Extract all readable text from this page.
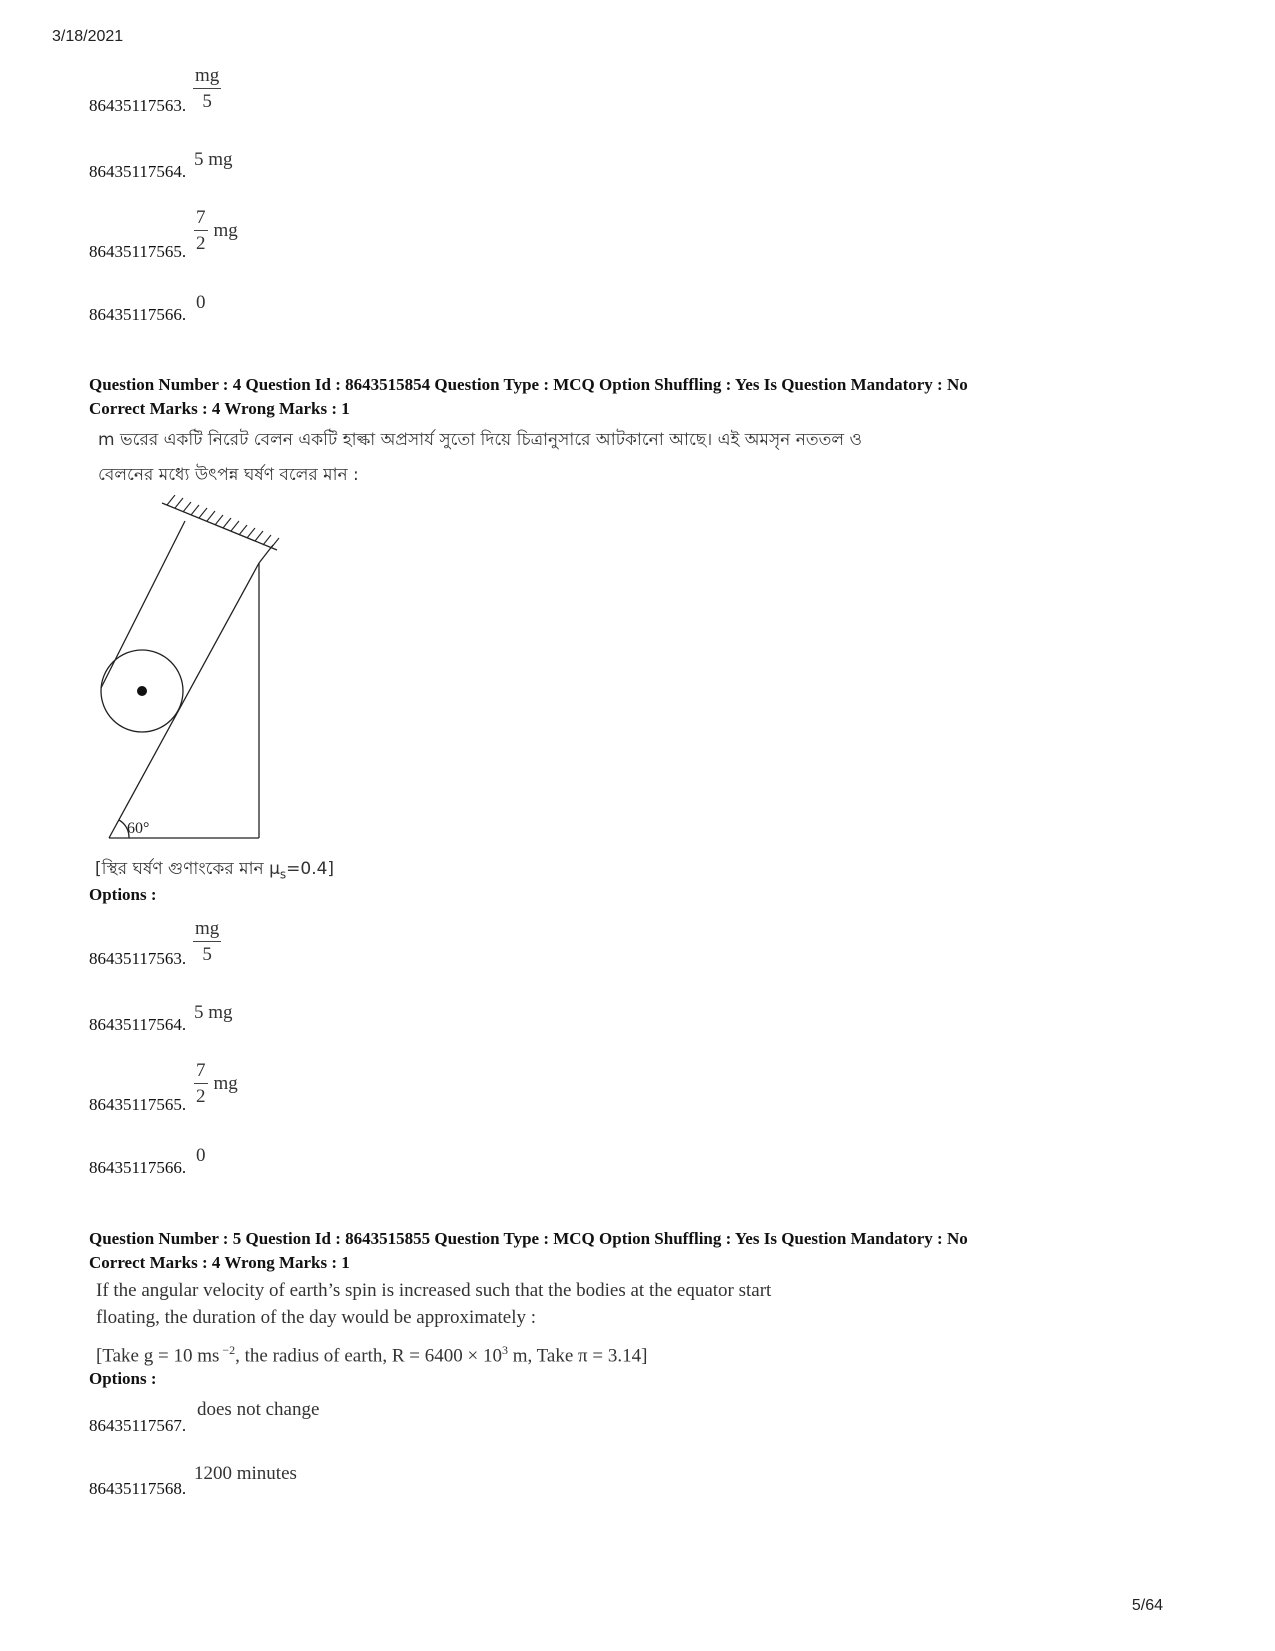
3/18/2021
86435117563. $\frac{mg}{5}$
86435117564.
5 mg
86435117565. $\frac{7}{2}$ mg
86435117566.
0
Question Number : 4 Question Id : 8643515854 Question Type : MCQ Option Shuffling : Yes Is Question Mandatory : No
Correct Marks : 4 Wrong Marks : 1
m ভরের একটি নিরেট বেলন একটি হাল্কা অপ্রসার্য সুতো দিয়ে চিত্রানুসারে আটকানো আছে। এই অমসৃন নততল ও
বেলনের মধ্যে উৎপন্ন ঘর্ষণ বলের মান :
60°
[স্থির ঘর্ষণ গুণাংকের মান $\mu_s=0.4$]
Options :
86435117563. $\frac{mg}{5}$
86435117564.
5 mg
86435117565. $\frac{7}{2}$ mg
86435117566.
0
Question Number : 5 Question Id : 8643515855 Question Type : MCQ Option Shuffling : Yes Is Question Mandatory : No
Correct Marks : 4 Wrong Marks : 1
If the angular velocity of earth’s spin is increased such that the bodies at the equator start
floating, the duration of the day would be approximately :
[Take g = 10 ms $^{-2}$, the radius of earth, $R = 6400 \times 10^3$ m, Take π = 3.14]
Options :
86435117567.
does not change
86435117568.
1200 minutes
5/64
